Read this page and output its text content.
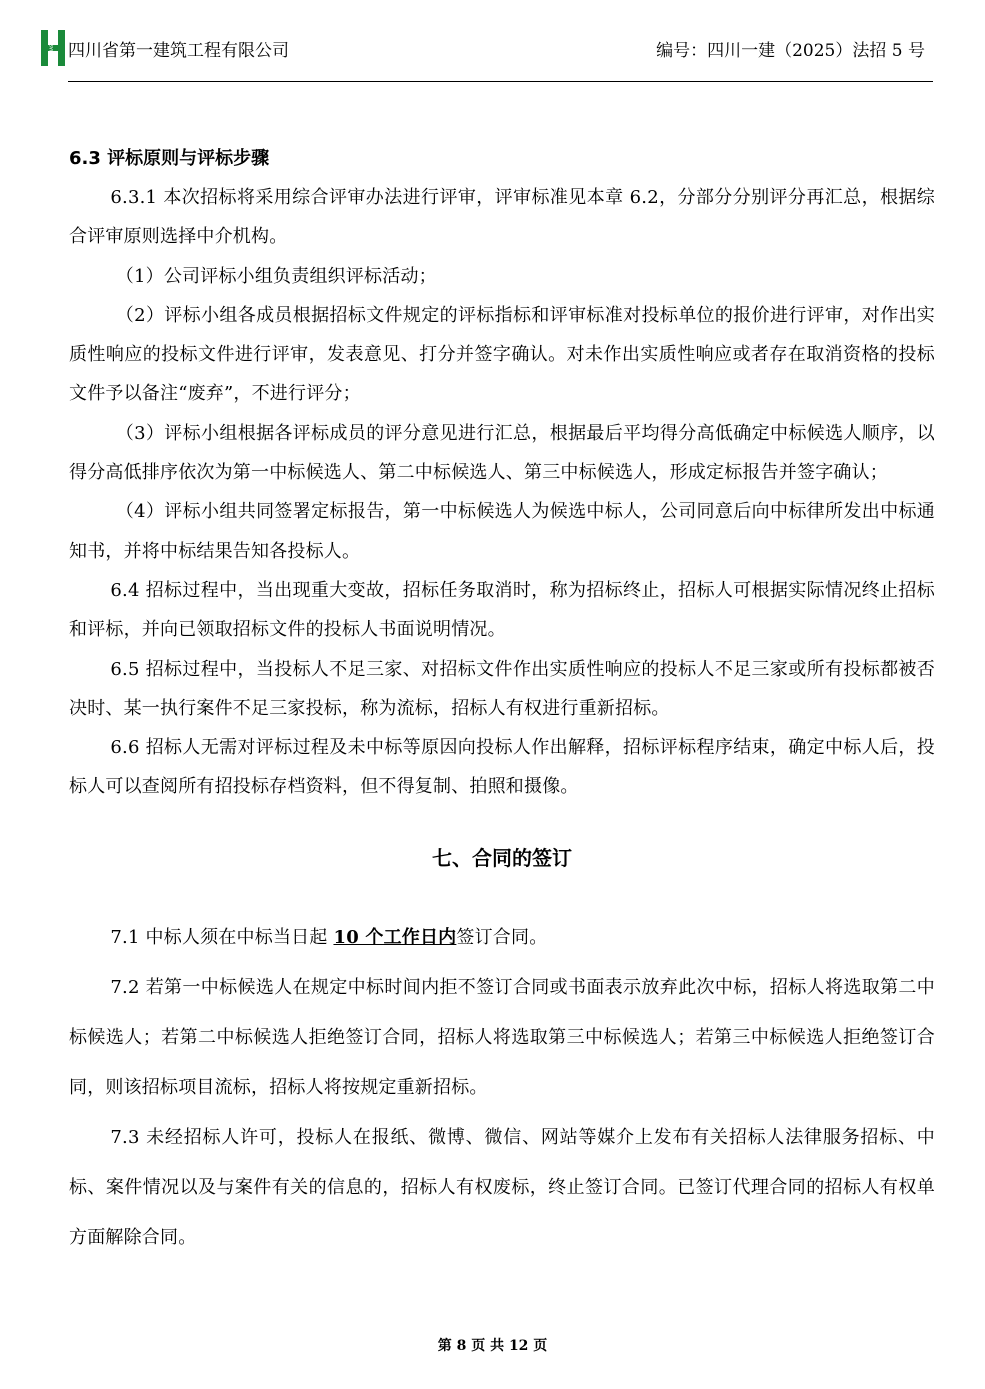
HUASHI 四川省第一建筑工程有限公司	编号：四川一建（2025）法招 5 号
6.3 评标原则与评标步骤

6.3.1 本次招标将采用综合评审办法进行评审，评审标准见本章 6.2，分部分分别评分再汇总，根据综合评审原则选择中介机构。

（1）公司评标小组负责组织评标活动；

（2）评标小组各成员根据招标文件规定的评标指标和评审标准对投标单位的报价进行评审，对作出实质性响应的投标文件进行评审，发表意见、打分并签字确认。对未作出实质性响应或者存在取消资格的投标文件予以备注“废弃”，不进行评分；

（3）评标小组根据各评标成员的评分意见进行汇总，根据最后平均得分高低确定中标候选人顺序，以得分高低排序依次为第一中标候选人、第二中标候选人、第三中标候选人，形成定标报告并签字确认；

（4）评标小组共同签署定标报告，第一中标候选人为候选中标人，公司同意后向中标律所发出中标通知书，并将中标结果告知各投标人。

6.4 招标过程中，当出现重大变故，招标任务取消时，称为招标终止，招标人可根据实际情况终止招标和评标，并向已领取招标文件的投标人书面说明情况。

6.5 招标过程中，当投标人不足三家、对招标文件作出实质性响应的投标人不足三家或所有投标都被否决时、某一执行案件不足三家投标，称为流标，招标人有权进行重新招标。

6.6 招标人无需对评标过程及未中标等原因向投标人作出解释，招标评标程序结束，确定中标人后，投标人可以查阅所有招投标存档资料，但不得复制、拍照和摄像。

七、合同的签订

7.1 中标人须在中标当日起 10 个工作日内签订合同。

7.2 若第一中标候选人在规定中标时间内拒不签订合同或书面表示放弃此次中标，招标人将选取第二中标候选人；若第二中标候选人拒绝签订合同，招标人将选取第三中标候选人；若第三中标候选人拒绝签订合同，则该招标项目流标，招标人将按规定重新招标。

7.3 未经招标人许可，投标人在报纸、微博、微信、网站等媒介上发布有关招标人法律服务招标、中标、案件情况以及与案件有关的信息的，招标人有权废标，终止签订合同。已签订代理合同的招标人有权单方面解除合同。

第 8 页 共 12 页
